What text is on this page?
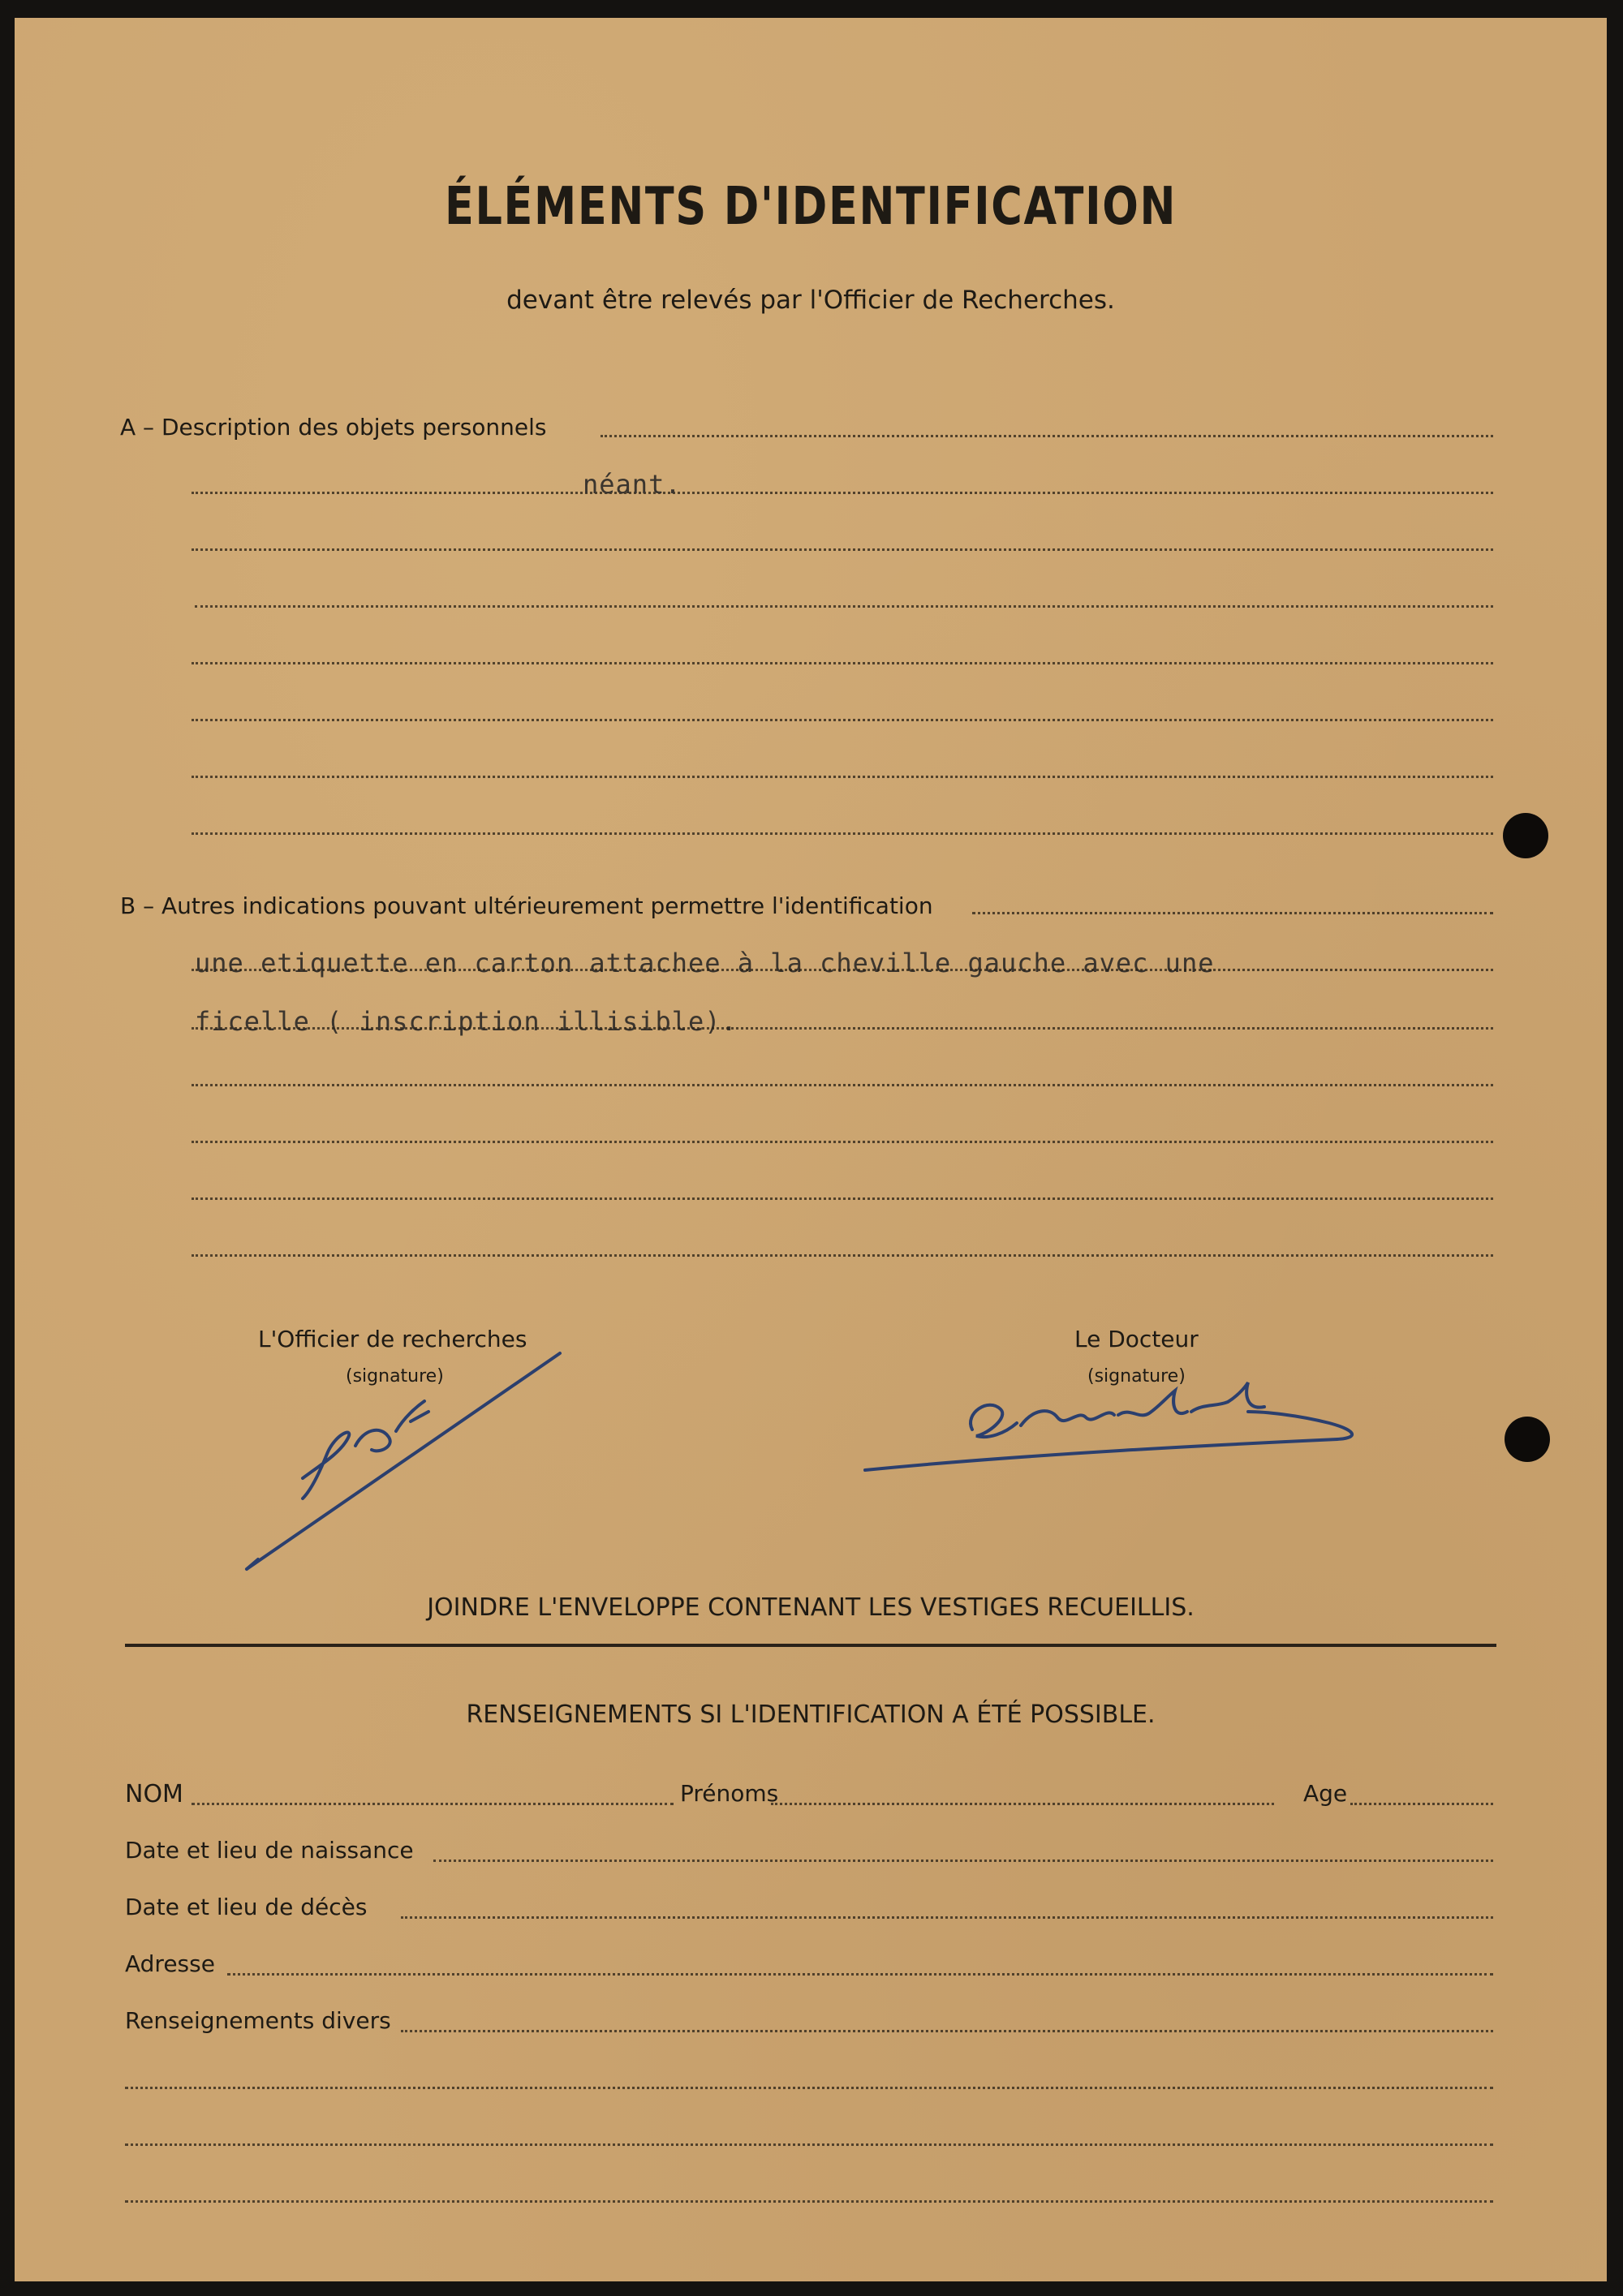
ÉLÉMENTS D'IDENTIFICATION
devant être relevés par l'Officier de Recherches.
A – Description des objets personnels
néant.
B – Autres indications pouvant ultérieurement permettre l'identification
une etiquette en carton attachee à la cheville gauche avec une
ficelle ( inscription illisible).
L'Officier de recherches
(signature)
Le Docteur
(signature)
JOINDRE L'ENVELOPPE CONTENANT LES VESTIGES RECUEILLIS.
RENSEIGNEMENTS SI L'IDENTIFICATION A ÉTÉ POSSIBLE.
NOM	Prénoms	Age
Date et lieu de naissance
Date et lieu de décès
Adresse
Renseignements divers
